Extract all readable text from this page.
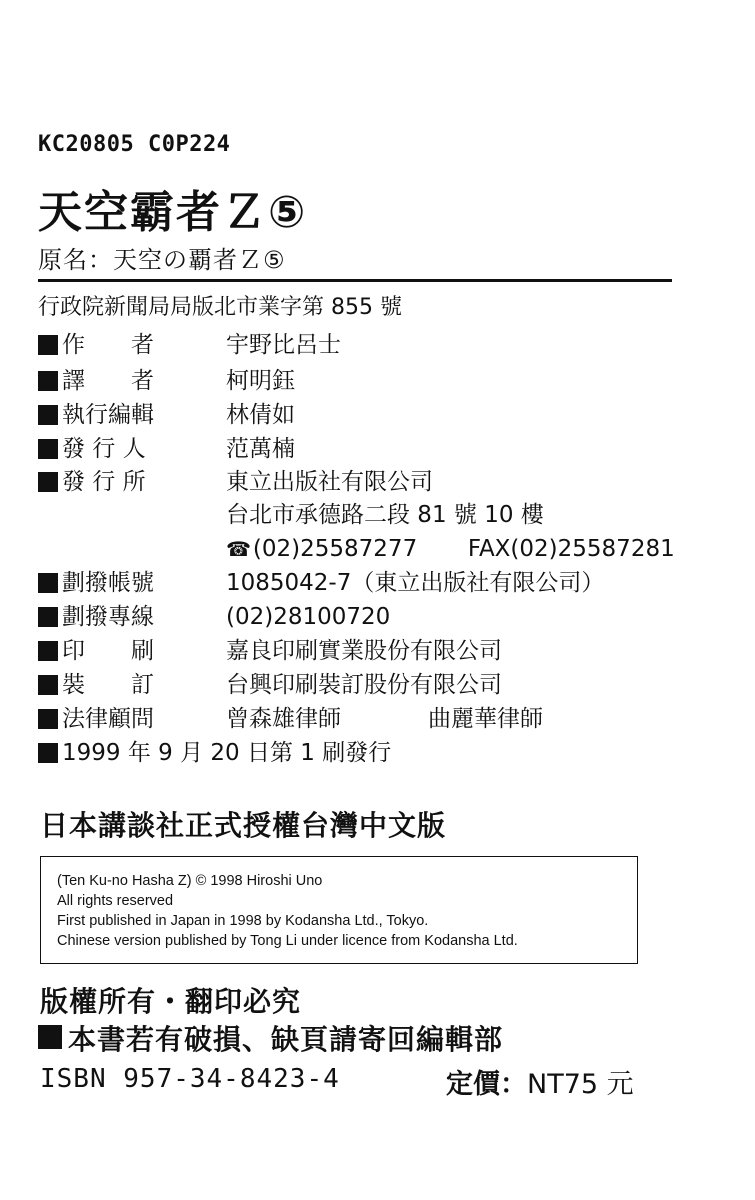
KC20805 C0P224
天空霸者Ｚ⑤
原名：天空の覇者Ｚ⑤
行政院新聞局局版北市業字第 855 號
作　　者	宇野比呂士
譯　　者	柯明鈺
執行編輯	林倩如
發 行 人	范萬楠
發 行 所	東立出版社有限公司
台北市承德路二段 81 號 10 樓
☎(02)25587277 FAX(02)25587281
劃撥帳號	1085042-7（東立出版社有限公司）
劃撥專線	(02)28100720
印　　刷	嘉良印刷實業股份有限公司
裝　　訂	台興印刷裝訂股份有限公司
法律顧問	曾森雄律師	曲麗華律師
1999 年 9 月 20 日第 1 刷發行
日本講談社正式授權台灣中文版
(Ten Ku-no Hasha Z) © 1998 Hiroshi Uno
All rights reserved
First published in Japan in 1998 by Kodansha Ltd., Tokyo.
Chinese version published by Tong Li under licence from Kodansha Ltd.
版權所有・翻印必究
本書若有破損、缺頁請寄回編輯部
ISBN 957-34-8423-4	定價：NT75 元
